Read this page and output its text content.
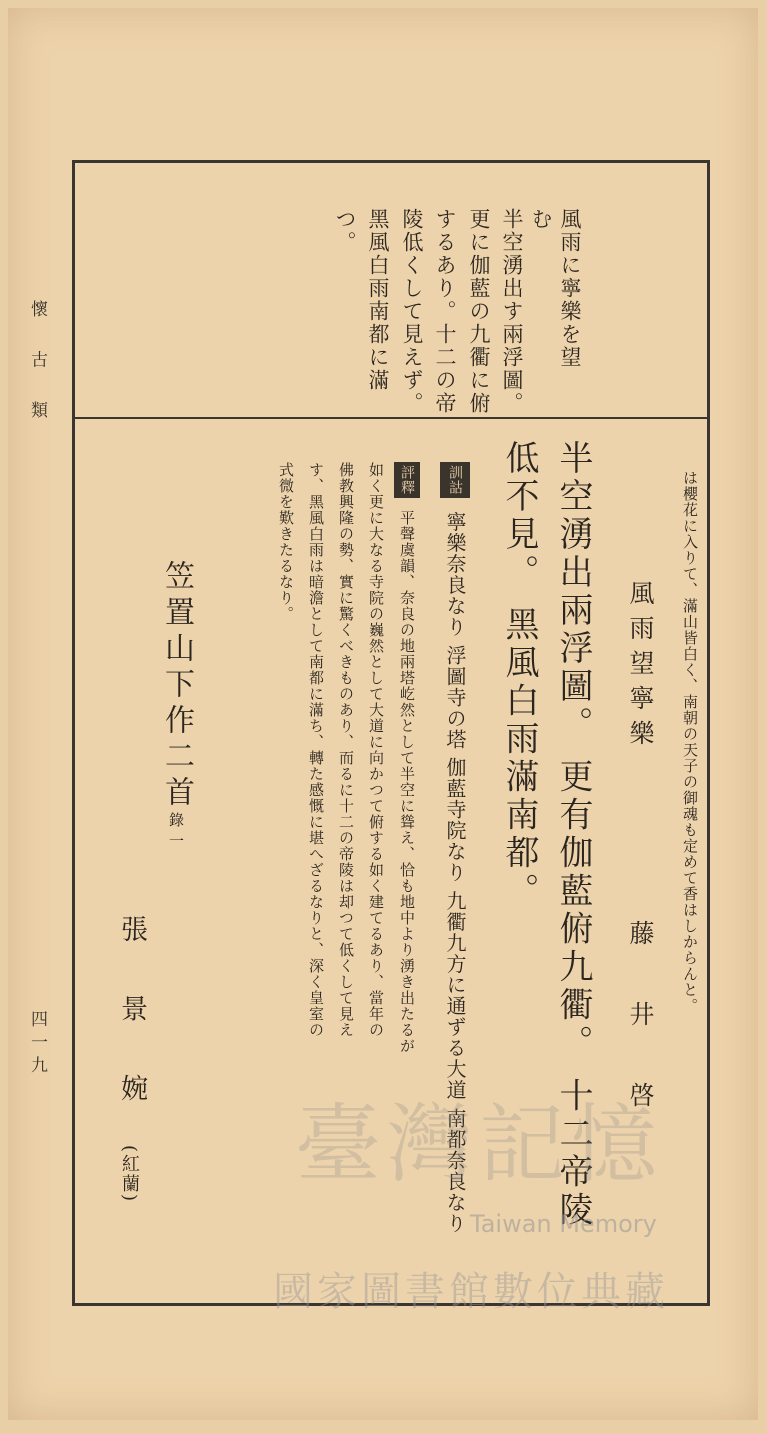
懷 古 類
四一九
風雨に寧樂を望
む
半空湧出す兩浮圖。
更に伽藍の九衢に俯
するあり。十二の帝
陵低くして見えず。
黑風白雨南都に滿
つ。
は櫻花に入りて、滿山皆白く、南朝の天子の御魂も定めて香はしからんと。
風雨望寧樂
藤 井 啓
半空湧出兩浮圖。 更有伽藍俯九衢。 十二帝陵
低不見。 黑風白雨滿南都。
訓詁 寧樂奈良なり 浮圖寺の塔 伽藍寺院なり 九衢九方に通ずる大道 南都奈良なり
評釋 平聲虞韻、奈良の地兩塔屹然として半空に聳え、恰も地中より湧き出たるが
如く更に大なる寺院の巍然として大道に向かつて俯する如く建てるあり、當年の
佛教興隆の勢、實に驚くべきものあり、而るに十二の帝陵は却つて低くして見え
す、黑風白雨は暗澹として南都に滿ち、轉た感慨に堪へざるなりと、深く皇室の
式微を歎きたるなり。
笠置山下作二首錄一
張 景 婉
(紅蘭) 臺灣記憶
Taiwan Memory
國家圖書館數位典藏
